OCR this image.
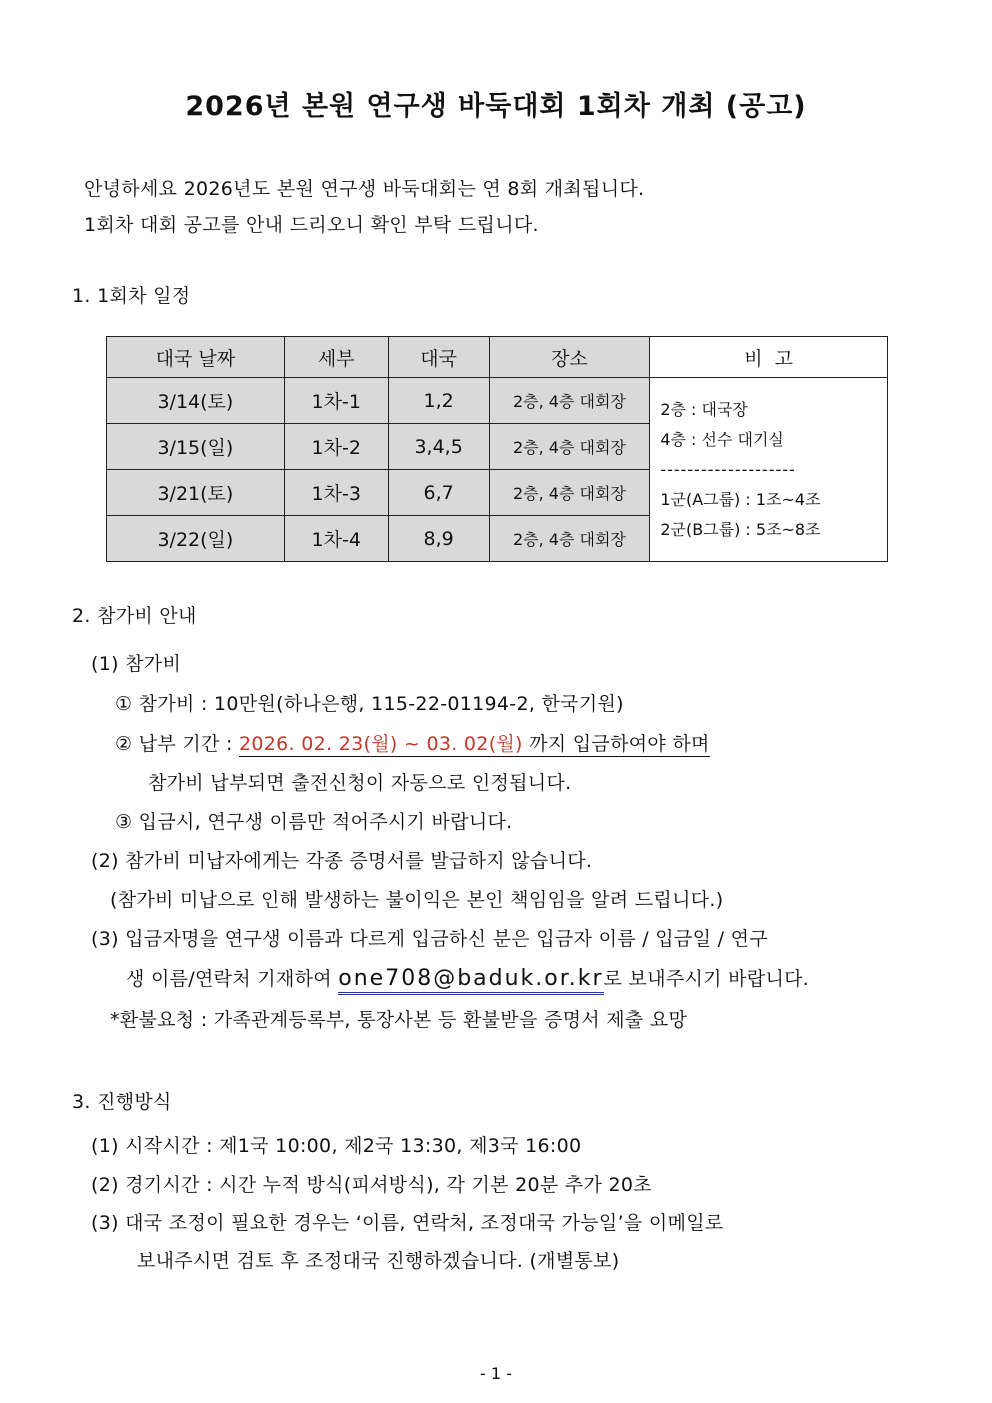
2026년 본원 연구생 바둑대회 1회차 개최 (공고)
안녕하세요 2026년도 본원 연구생 바둑대회는 연 8회 개최됩니다.
1회차 대회 공고를 안내 드리오니 확인 부탁 드립니다.
1. 1회차 일정
대국 날짜	세부	대국	장소	비  고
3/14(토)	1차-1	1,2	2층, 4층 대회장	2층 : 대국장
4층 : 선수 대기실
--------------------
1군(A그룹) : 1조~4조
2군(B그룹) : 5조~8조

3/15(일)	1차-2	3,4,5	2층, 4층 대회장	
3/21(토)	1차-3	6,7	2층, 4층 대회장	
3/22(일)	1차-4	8,9	2층, 4층 대회장	
2. 참가비 안내
(1) 참가비
① 참가비 : 10만원(하나은행, 115-22-01194-2, 한국기원)
② 납부 기간 : 2026. 02. 23(월) ~ 03. 02(월) 까지 입금하여야 하며
참가비 납부되면 출전신청이 자동으로 인정됩니다.
③ 입금시, 연구생 이름만 적어주시기 바랍니다.
(2) 참가비 미납자에게는 각종 증명서를 발급하지 않습니다.
(참가비 미납으로 인해 발생하는 불이익은 본인 책임임을 알려 드립니다.)
(3) 입금자명을 연구생 이름과 다르게 입금하신 분은 입금자 이름 / 입금일 / 연구
생 이름/연락처 기재하여 one708@baduk.or.kr로 보내주시기 바랍니다.
*환불요청 : 가족관계등록부, 통장사본 등 환불받을 증명서 제출 요망
3. 진행방식
(1) 시작시간 : 제1국 10:00, 제2국 13:30, 제3국 16:00
(2) 경기시간 : 시간 누적 방식(피셔방식), 각 기본 20분 추가 20초
(3) 대국 조정이 필요한 경우는 ‘이름, 연락처, 조정대국 가능일’을 이메일로
보내주시면 검토 후 조정대국 진행하겠습니다. (개별통보)
- 1 -
